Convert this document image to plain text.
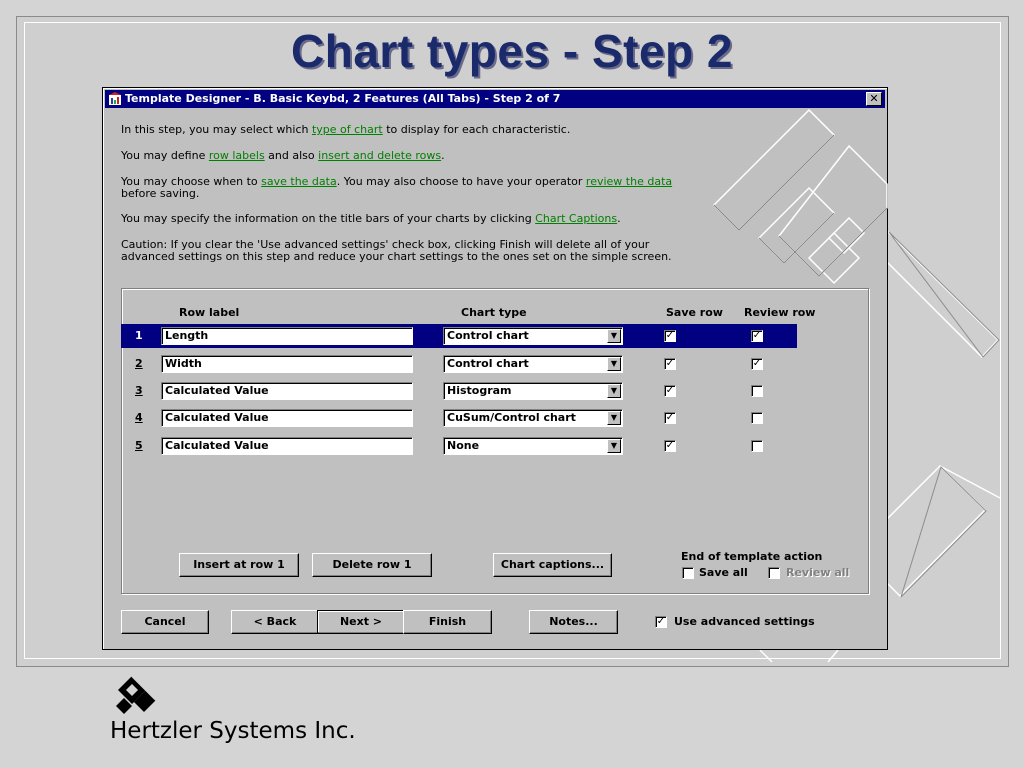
Chart types - Step 2
Template Designer - B. Basic Keybd, 2 Features (All Tabs) - Step 2 of 7	✕
In this step, you may select which type of chart to display for each characteristic.
You may define row labels and also insert and delete rows.
You may choose when to save the data. You may also choose to have your operator review the data
before saving.
You may specify the information on the title bars of your charts by clicking Chart Captions.
Caution: If you clear the 'Use advanced settings' check box, clicking Finish will delete all of your
advanced settings on this step and reduce your chart settings to the ones set on the simple screen.
Row label	Chart type	Save row Review row
1	Length	Control chart	▼	✓	✓
2	Width	Control chart	▼	✓	✓
3	Calculated Value	Histogram	▼	✓
4	Calculated Value	CuSum/Control chart	▼	✓
5	Calculated Value	None	▼	✓
Insert at row 1	Delete row 1	Chart captions...
End of template action
Save all	Review all
Cancel	< Back	Next >	Finish	Notes...	✓ Use advanced settings
Hertzler Systems Inc.
